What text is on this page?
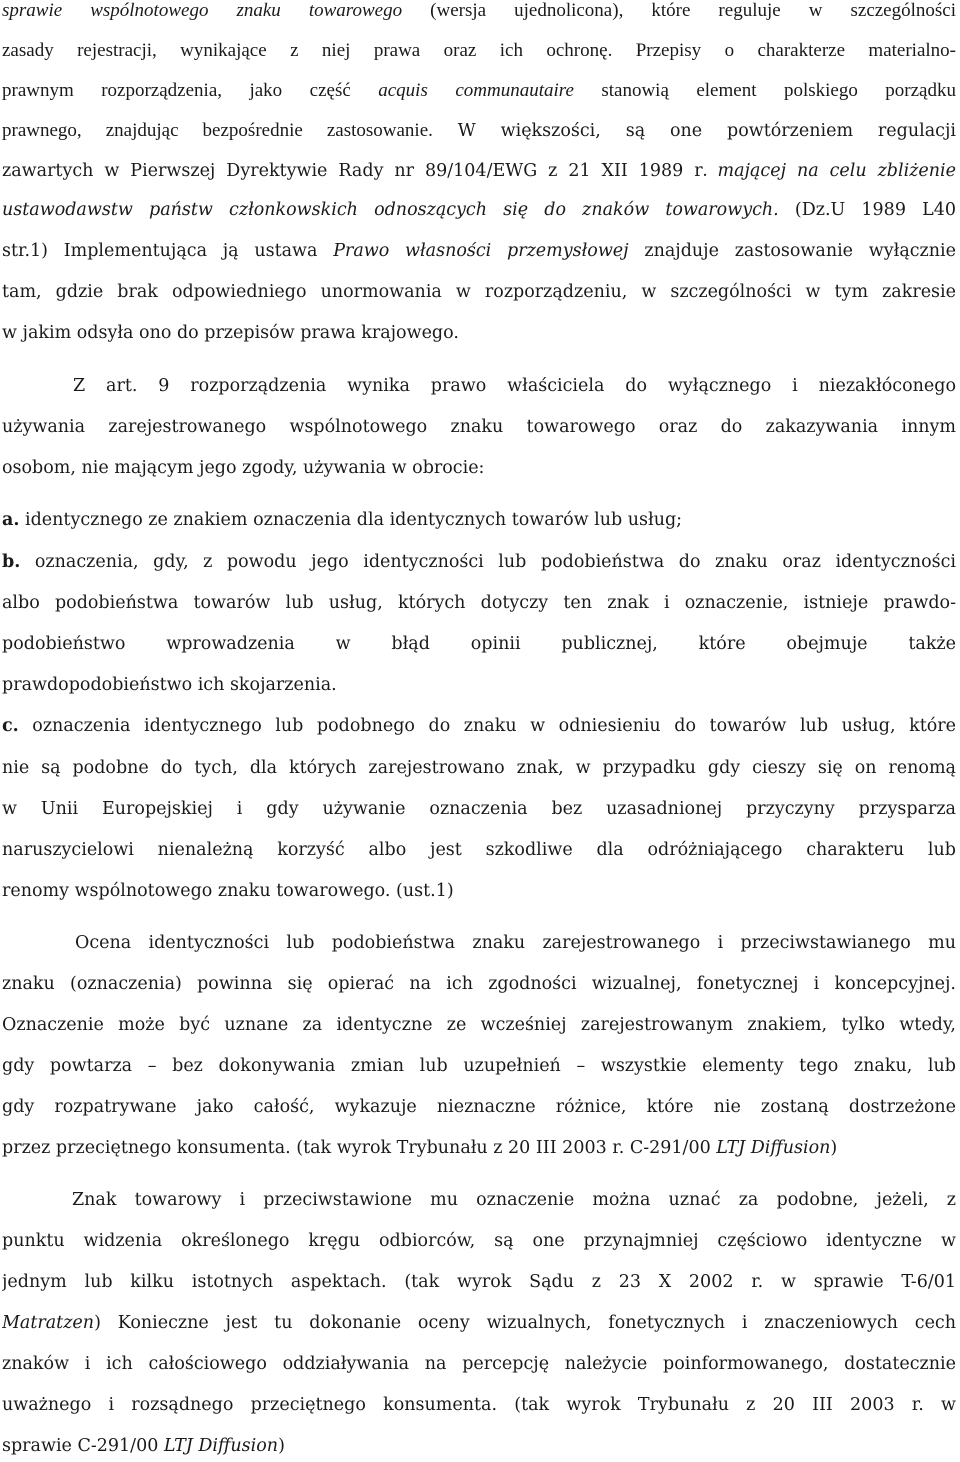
sprawie wspólnotowego znaku towarowego (wersja ujednolicona), które reguluje w szczególności
zasady rejestracji, wynikające z niej prawa oraz ich ochronę. Przepisy o charakterze materialno-
prawnym rozporządzenia, jako część acquis communautaire stanowią element polskiego porządku
prawnego, znajdując bezpośrednie zastosowanie. W większości, są one powtórzeniem regulacji
zawartych w Pierwszej Dyrektywie Rady nr 89/104/EWG z 21 XII 1989 r. mającej na celu zbliżenie
ustawodawstw państw członkowskich odnoszących się do znaków towarowych. (Dz.U 1989 L40
str.1) Implementująca ją ustawa Prawo własności przemysłowej znajduje zastosowanie wyłącznie
tam, gdzie brak odpowiedniego unormowania w rozporządzeniu, w szczególności w tym zakresie
w jakim odsyła ono do przepisów prawa krajowego.
Z art. 9 rozporządzenia wynika prawo właściciela do wyłącznego i niezakłóconego
używania zarejestrowanego wspólnotowego znaku towarowego oraz do zakazywania innym
osobom, nie mającym jego zgody, używania w obrocie:
a. identycznego ze znakiem oznaczenia dla identycznych towarów lub usług;
b. oznaczenia, gdy, z powodu jego identyczności lub podobieństwa do znaku oraz identyczności
albo podobieństwa towarów lub usług, których dotyczy ten znak i oznaczenie, istnieje prawdo-
podobieństwo wprowadzenia w błąd opinii publicznej, które obejmuje także
prawdopodobieństwo ich skojarzenia.
c. oznaczenia identycznego lub podobnego do znaku w odniesieniu do towarów lub usług, które
nie są podobne do tych, dla których zarejestrowano znak, w przypadku gdy cieszy się on renomą
w Unii Europejskiej i gdy używanie oznaczenia bez uzasadnionej przyczyny przysparza
naruszycielowi nienależną korzyść albo jest szkodliwe dla odróżniającego charakteru lub
renomy wspólnotowego znaku towarowego. (ust.1)
Ocena identyczności lub podobieństwa znaku zarejestrowanego i przeciwstawianego mu
znaku (oznaczenia) powinna się opierać na ich zgodności wizualnej, fonetycznej i koncepcyjnej.
Oznaczenie może być uznane za identyczne ze wcześniej zarejestrowanym znakiem, tylko wtedy,
gdy powtarza – bez dokonywania zmian lub uzupełnień – wszystkie elementy tego znaku, lub
gdy rozpatrywane jako całość, wykazuje nieznaczne różnice, które nie zostaną dostrzeżone
przez przeciętnego konsumenta. (tak wyrok Trybunału z 20 III 2003 r. C-291/00 LTJ Diffusion)
Znak towarowy i przeciwstawione mu oznaczenie można uznać za podobne, jeżeli, z
punktu widzenia określonego kręgu odbiorców, są one przynajmniej częściowo identyczne w
jednym lub kilku istotnych aspektach. (tak wyrok Sądu z 23 X 2002 r. w sprawie T-6/01
Matratzen) Konieczne jest tu dokonanie oceny wizualnych, fonetycznych i znaczeniowych cech
znaków i ich całościowego oddziaływania na percepcję należycie poinformowanego, dostatecznie
uważnego i rozsądnego przeciętnego konsumenta. (tak wyrok Trybunału z 20 III 2003 r. w
sprawie C-291/00 LTJ Diffusion)
